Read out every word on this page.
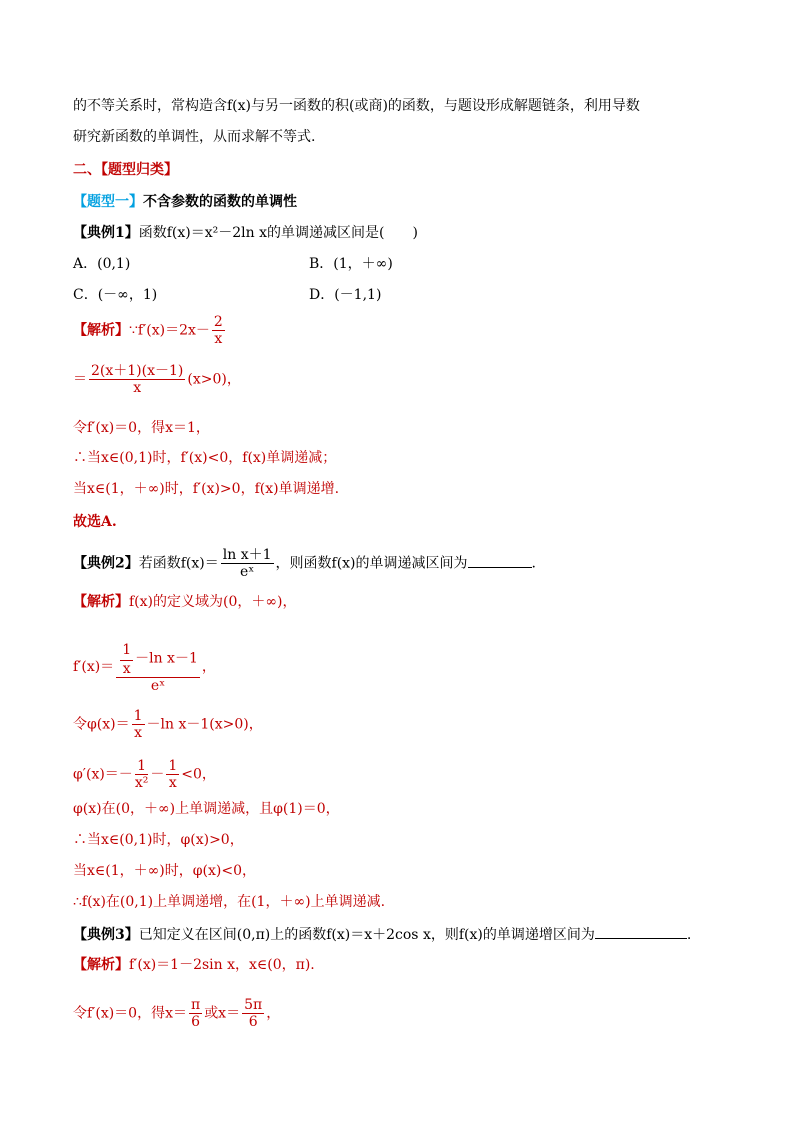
的不等关系时，常构造含f(x)与另一函数的积(或商)的函数，与题设形成解题链条，利用导数
研究新函数的单调性，从而求解不等式.
二、【题型归类】
【题型一】不含参数的函数的单调性
【典例1】函数f(x)＝x²－2ln x的单调递减区间是(　　)
A．(0,1)	B．(1，＋∞)
C．(－∞，1)	D．(－1,1)
【解析】∵f′(x)＝2x－ $\frac{2}{x}$
＝ $\frac{2(x+1)(x-1)}{x} (x>0)$，
令f′(x)＝0，得x＝1，
∴当x∈(0,1)时，f′(x)<0，f(x)单调递减；
当x∈(1，＋∞)时，f′(x)>0，f(x)单调递增.
故选A.
【典例2】若函数$f(x)= \frac{\text{ln x＋1}}{\text{eˣ}}$ ，则函数f(x)的单调递减区间为	.
【解析】f(x)的定义域为(0，＋∞)，
$f'(x)= \frac{\frac{1}{x} -\ln x-1}{\text{eˣ}}$ ，
令$\varphi(x)= \frac{1}{x} -\ln$ x－1(x>0)，
$\varphi'(x)=- \frac{1}{\text{x²}} - \frac{1}{x} <0$，
φ(x)在(0，＋∞)上单调递减，且φ(1)＝0，
∴当x∈(0,1)时，φ(x)>0，
当x∈(1，＋∞)时，φ(x)<0，
∴f(x)在(0,1)上单调递增，在(1，＋∞)上单调递减.
【典例3】已知定义在区间(0,π)上的函数f(x)＝x＋2cos x，则f(x)的单调递增区间为	.
【解析】f′(x)＝1－2sin x，x∈(0，π).
令f′(x)＝0，得$x= \frac{\pi}{6}$ 或$x= \frac{5\pi}{6}$ ，
